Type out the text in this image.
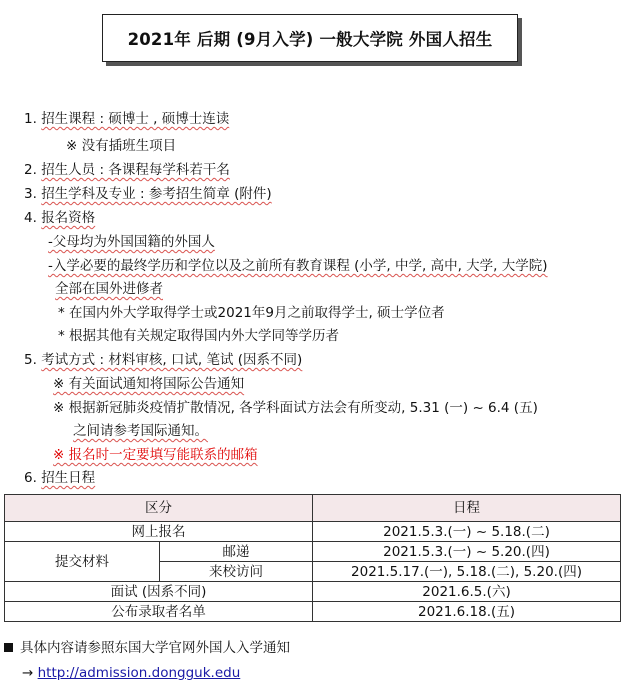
2021年 后期 (9月入学) 一般大学院 外国人招生
1. 招生课程 : 硕博士 , 硕博士连读
※ 没有插班生项目
2. 招生人员 : 各课程每学科若干名
3. 招生学科及专业 : 参考招生简章 (附件)
4. 报名资格
-父母均为外国国籍的外国人
-入学必要的最终学历和学位以及之前所有教育课程 (小学, 中学, 高中, 大学, 大学院)
全部在国外进修者
* 在国内外大学取得学士或2021年9月之前取得学士, 硕士学位者
* 根据其他有关规定取得国内外大学同等学历者
5. 考试方式 : 材料审核, 口试, 笔试 (因系不同)
※ 有关面试通知将国际公告通知
※ 根据新冠肺炎疫情扩散情况, 各学科面试方法会有所变动, 5.31 (一) ~ 6.4 (五)
之间请参考国际通知。
※ 报名时一定要填写能联系的邮箱
6. 招生日程
区分		日程
网上报名		2021.5.3.(一) ~ 5.18.(二)
提交材料	邮递	2021.5.3.(一) ~ 5.20.(四)
	来校访问	2021.5.17.(一), 5.18.(二), 5.20.(四)
面试 (因系不同)		2021.6.5.(六)
公布录取者名单		2021.6.18.(五)
具体内容请参照东国大学官网外国人入学通知
→ http://admission.dongguk.edu
